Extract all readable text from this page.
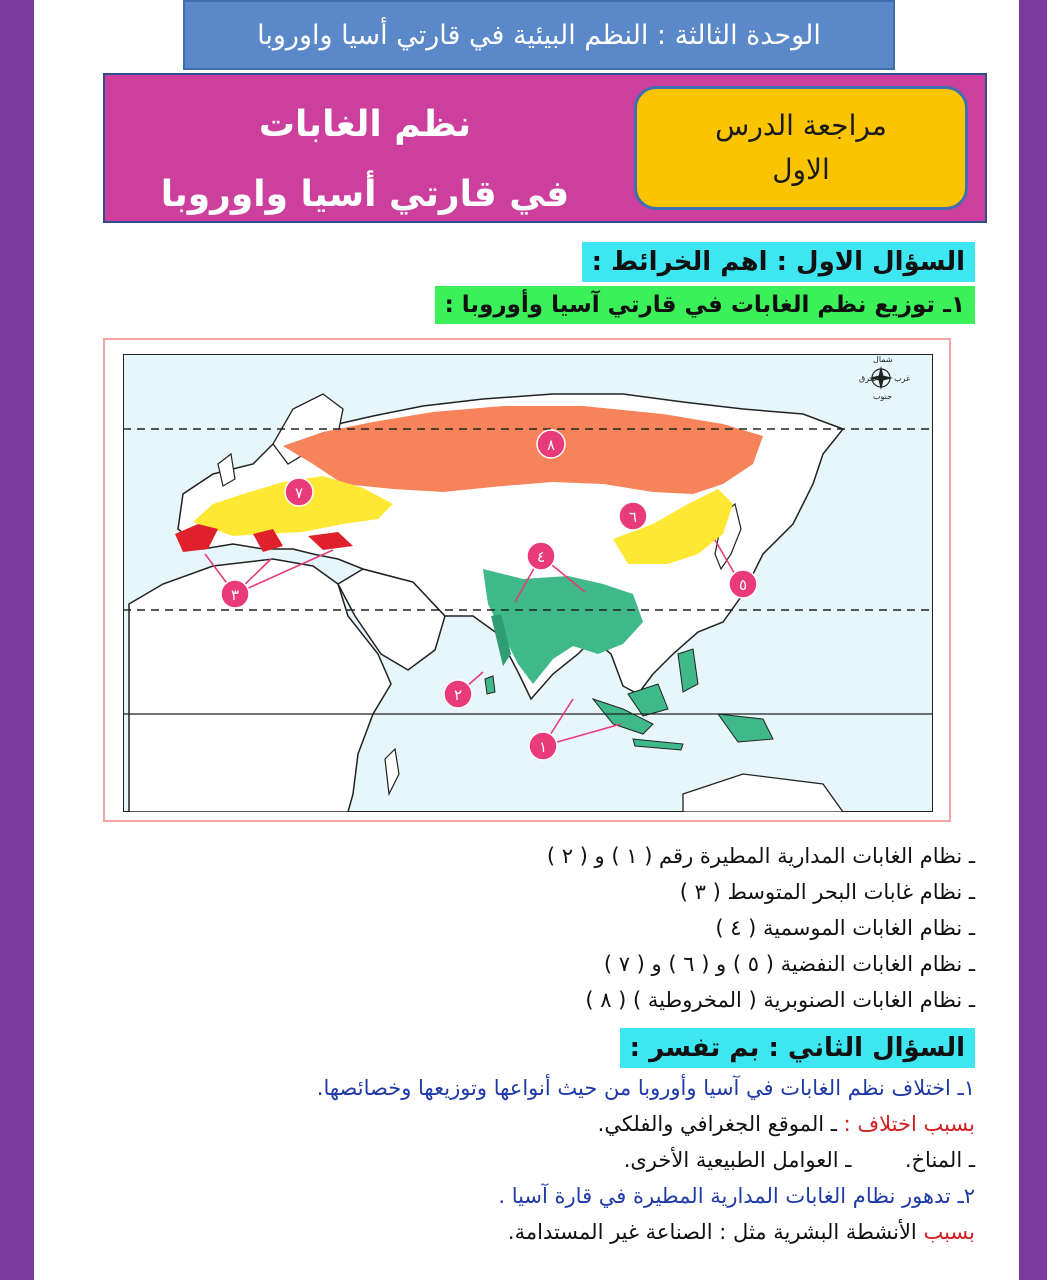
الوحدة الثالثة : النظم البيئية في قارتي أسيا واوروبا
نظم الغابات
في قارتي أسيا واوروبا
مراجعة الدرس
الاول
السؤال الاول : اهم الخرائط :
١ـ توزيع نظم الغابات في قارتي آسيا وأوروبا :
شمال
شرق غرب
جنوب
١
٢
٣
٤
٥
٦
٧
٨
ـ نظام الغابات المدارية المطيرة رقم ( ١ ) و ( ٢ )
ـ نظام غابات البحر المتوسط ( ٣ )
ـ نظام الغابات الموسمية ( ٤ )
ـ نظام الغابات النفضية ( ٥ ) و ( ٦ ) و ( ٧ )
ـ نظام الغابات الصنوبرية ( المخروطية ) ( ٨ )
السؤال الثاني : بم تفسر :
١ـ اختلاف نظم الغابات في آسيا وأوروبا من حيث أنواعها وتوزيعها وخصائصها.
بسبب اختلاف : ـ الموقع الجغرافي والفلكي.
ـ المناخ.        ـ العوامل الطبيعية الأخرى.
٢ـ تدهور نظام الغابات المدارية المطيرة في قارة آسيا .
بسبب الأنشطة البشرية مثل : الصناعة غير المستدامة.
